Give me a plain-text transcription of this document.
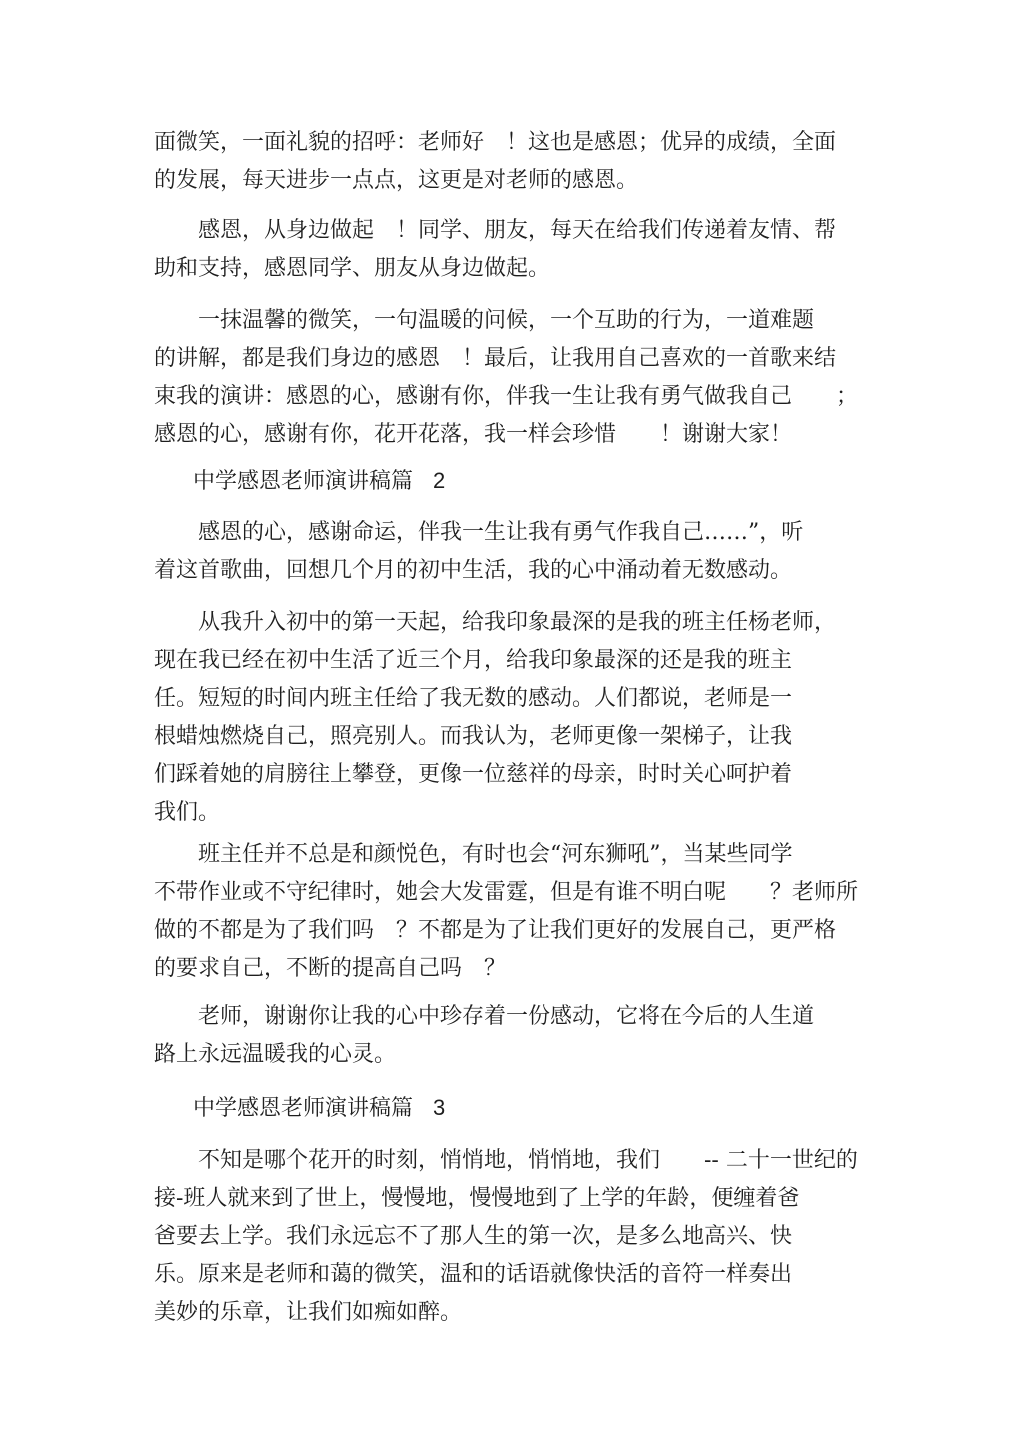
面微笑，一面礼貌的招呼：老师好　！这也是感恩；优异的成绩，全面
的发展，每天进步一点点，这更是对老师的感恩。

　　感恩，从身边做起　！同学、朋友，每天在给我们传递着友情、帮
助和支持，感恩同学、朋友从身边做起。

　　一抹温馨的微笑，一句温暖的问候，一个互助的行为，一道难题
的讲解，都是我们身边的感恩　！最后，让我用自己喜欢的一首歌来结
束我的演讲：感恩的心，感谢有你，伴我一生让我有勇气做我自己　　；
感恩的心，感谢有你，花开花落，我一样会珍惜　　！谢谢大家！

中学感恩老师演讲稿篇 2

　　感恩的心，感谢命运，伴我一生让我有勇气作我自己……”，听
着这首歌曲，回想几个月的初中生活，我的心中涌动着无数感动。

　　从我升入初中的第一天起，给我印象最深的是我的班主任杨老师，
现在我已经在初中生活了近三个月，给我印象最深的还是我的班主
任。短短的时间内班主任给了我无数的感动。人们都说，老师是一
根蜡烛燃烧自己，照亮别人。而我认为，老师更像一架梯子，让我
们踩着她的肩膀往上攀登，更像一位慈祥的母亲，时时关心呵护着
我们。

　　班主任并不总是和颜悦色，有时也会“河东狮吼”，当某些同学
不带作业或不守纪律时，她会大发雷霆，但是有谁不明白呢　　？老师所
做的不都是为了我们吗　？不都是为了让我们更好的发展自己，更严格
的要求自己，不断的提高自己吗　？

　　老师，谢谢你让我的心中珍存着一份感动，它将在今后的人生道
路上永远温暖我的心灵。

中学感恩老师演讲稿篇 3

　　不知是哪个花开的时刻，悄悄地，悄悄地，我们　　-- 二十一世纪的
接-班人就来到了世上，慢慢地，慢慢地到了上学的年龄，便缠着爸
爸要去上学。我们永远忘不了那人生的第一次，是多么地高兴、快
乐。原来是老师和蔼的微笑，温和的话语就像快活的音符一样奏出
美妙的乐章，让我们如痴如醉。
